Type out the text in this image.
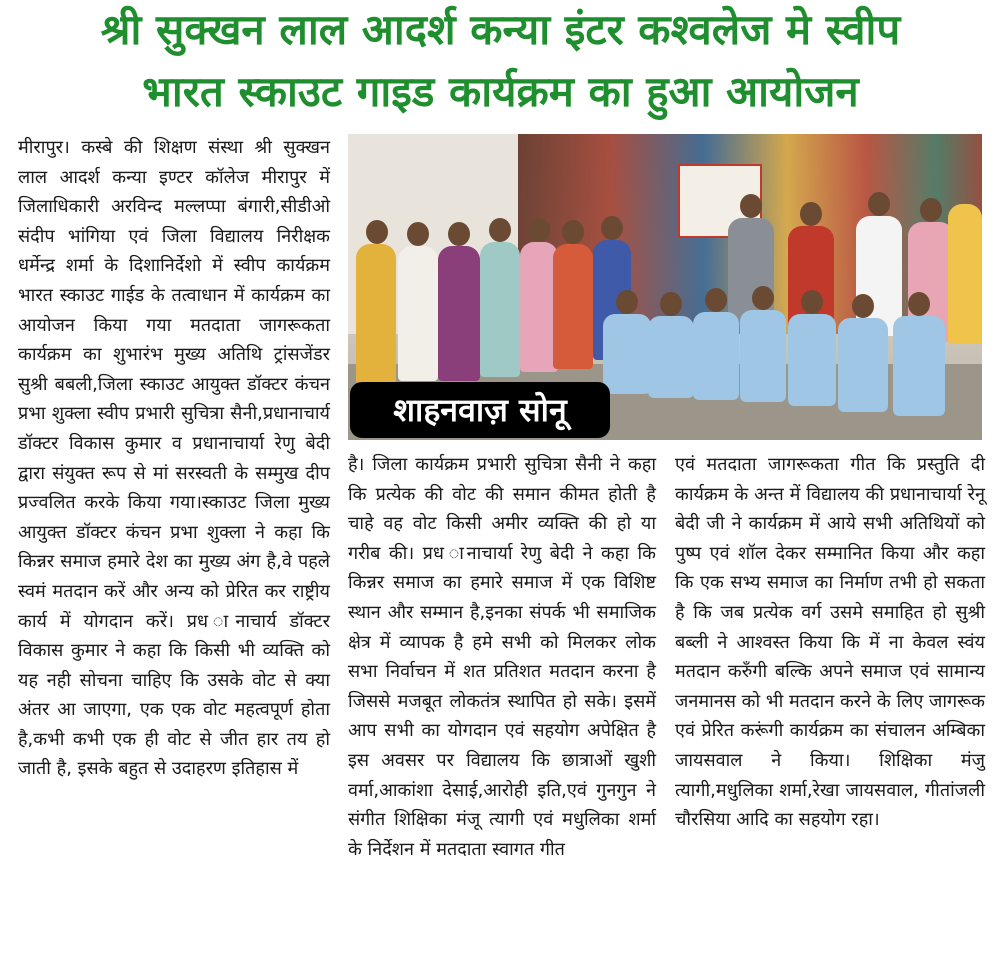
श्री सुक्खन लाल आदर्श कन्या इंटर कश्वलेज मे स्वीप
भारत स्काउट गाइड कार्यक्रम का हुआ आयोजन

मीरापुर। कस्बे की शिक्षण संस्था श्री सुक्खन लाल आदर्श कन्या इण्टर कॉलेज मीरापुर में जिलाधिकारी अरविन्द मल्लप्पा बंगारी,सीडीओ संदीप भांगिया एवं जिला विद्यालय निरीक्षक धर्मेन्द्र शर्मा के दिशानिर्देशो में स्वीप कार्यक्रम भारत स्काउट गाईड के तत्वाधान में कार्यक्रम का आयोजन किया गया मतदाता जागरूकता कार्यक्रम का शुभारंभ मुख्य अतिथि ट्रांसजेंडर सुश्री बबली,जिला स्काउट आयुक्त डॉक्टर कंचन प्रभा शुक्ला स्वीप प्रभारी सुचित्रा सैनी,प्रधानाचार्य डॉक्टर विकास कुमार व प्रधानाचार्या रेणु बेदी द्वारा संयुक्त रूप से मां सरस्वती के सम्मुख दीप प्रज्वलित करके किया गया।स्काउट जिला मुख्य आयुक्त डॉक्टर कंचन प्रभा शुक्ला ने कहा कि किन्नर समाज हमारे देश का मुख्य अंग है,वे पहले स्वमं मतदान करें और अन्य को प्रेरित कर राष्ट्रीय कार्य में योगदान करें। प्रध ानाचार्य डॉक्टर विकास कुमार ने कहा कि किसी भी व्यक्ति को यह नही सोचना चाहिए कि उसके वोट से क्या अंतर आ जाएगा, एक एक वोट महत्वपूर्ण होता है,कभी कभी एक ही वोट से जीत हार तय हो जाती है, इसके बहुत से उदाहरण इतिहास में

शाहनवाज़ सोनू

है। जिला कार्यक्रम प्रभारी सुचित्रा सैनी ने कहा कि प्रत्येक की वोट की समान कीमत होती है चाहे वह वोट किसी अमीर व्यक्ति की हो या गरीब की। प्रध ानाचार्या रेणु बेदी ने कहा कि किन्नर समाज का हमारे समाज में एक विशिष्ट स्थान और सम्मान है,इनका संपर्क भी समाजिक क्षेत्र में व्यापक है हमे सभी को मिलकर लोक सभा निर्वाचन में शत प्रतिशत मतदान करना है जिससे मजबूत लोकतंत्र स्थापित हो सके। इसमें आप सभी का योगदान एवं सहयोग अपेक्षित है इस अवसर पर विद्यालय कि छात्राओं खुशी वर्मा,आकांशा देसाई,आरोही इति,एवं गुनगुन ने संगीत शिक्षिका मंजू त्यागी एवं मधुलिका शर्मा के निर्देशन में मतदाता स्वागत गीत

एवं मतदाता जागरूकता गीत कि प्रस्तुति दी कार्यक्रम के अन्त में विद्यालय की प्रधानाचार्या रेनू बेदी जी ने कार्यक्रम में आये सभी अतिथियों को पुष्प एवं शॉल देकर सम्मानित किया और कहा कि एक सभ्य समाज का निर्माण तभी हो सकता है कि जब प्रत्येक वर्ग उसमे समाहित हो सुश्री बब्ली ने आश्वस्त किया कि में ना केवल स्वंय मतदान करुँगी बल्कि अपने समाज एवं सामान्य जनमानस को भी मतदान करने के लिए जागरूक एवं प्रेरित करूंगी कार्यक्रम का संचालन अम्बिका जायसवाल ने किया। शिक्षिका मंजु त्यागी,मधुलिका शर्मा,रेखा जायसवाल, गीतांजली चौरसिया आदि का सहयोग रहा।
